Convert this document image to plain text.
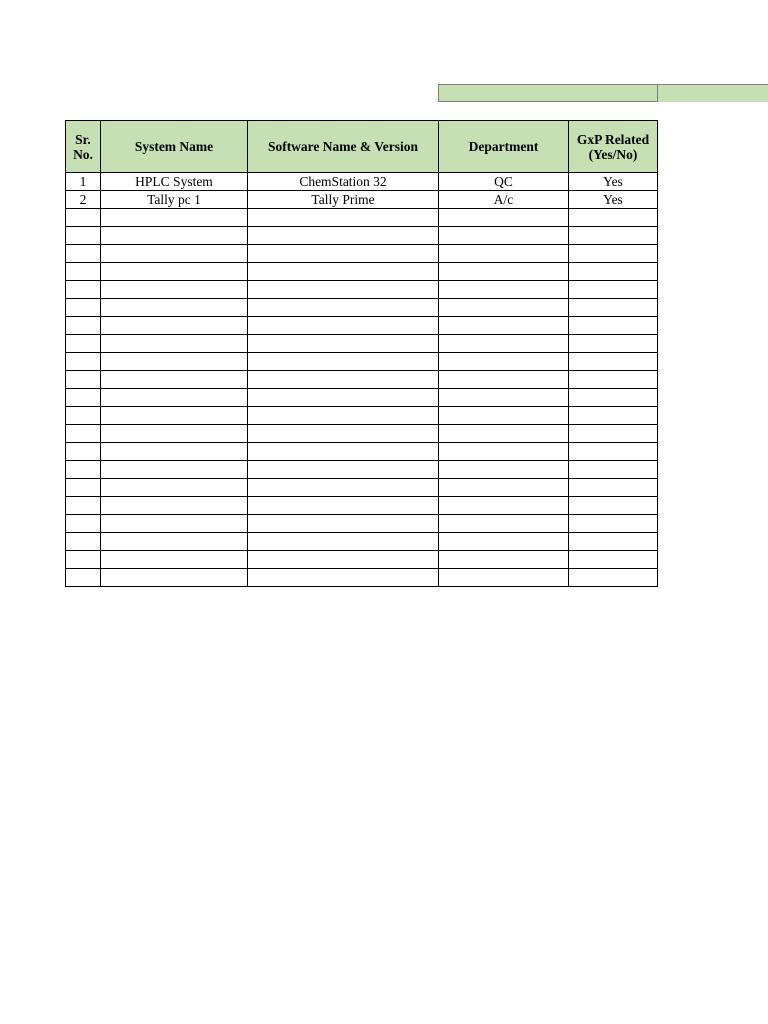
Sr. No.	System Name	Software Name & Version	Department	GxP Related (Yes/No)
1	HPLC System	ChemStation 32	QC	Yes
2	Tally pc 1	Tally Prime	A/c	Yes
